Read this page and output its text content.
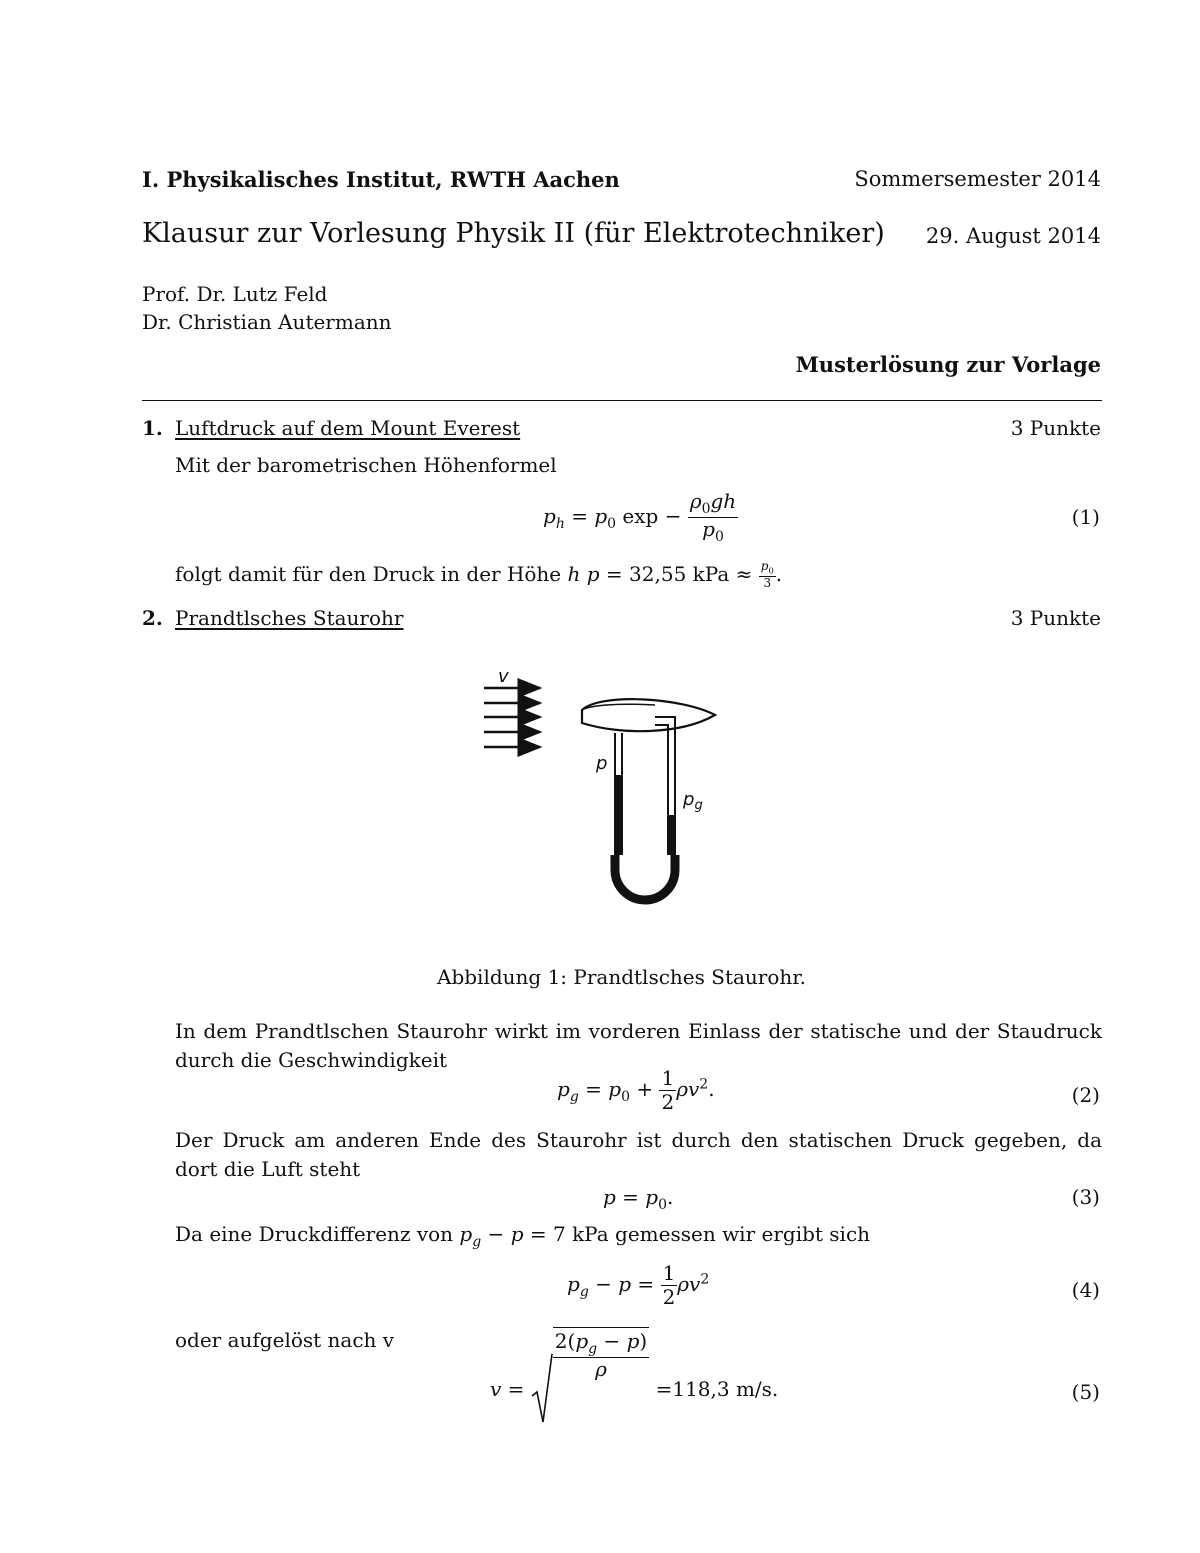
I. Physikalisches Institut, RWTH Aachen	Sommersemester 2014
Klausur zur Vorlesung Physik II (für Elektrotechniker) 29. August 2014
Prof. Dr. Lutz Feld
Dr. Christian Autermann
Musterlösung zur Vorlage
1. Luftdruck auf dem Mount Everest	3 Punkte
Mit der barometrischen Höhenformel
$p_h = p_0$ $\exp - \frac{\rho_0gh}{p_0}$	(1)
folgt damit für den Druck in der Höhe h p = 32,55 kPa ≈ $\frac{p_0}{3}$ .
2. Prandtlsches Staurohr	3 Punkte
v
p
$p_g$
Abbildung 1: Prandtlsches Staurohr.
In dem Prandtlschen Staurohr wirkt im vorderen Einlass der statische und der Staudruck durch die Geschwindigkeit
$p_g = p_0 + \frac{1}{2} \rho v^2$.	(2)
Der Druck am anderen Ende des Staurohr ist durch den statischen Druck gegeben, da dort die Luft steht
$p = p_0$.	(3)
Da eine Druckdifferenz von $p_g - p = 7$ kPa gemessen wir ergibt sich
$p_g - p = \frac{1}{2} \rho v^2$	(4)
oder aufgelöst nach v
v =
$\frac{2(p_g - p)}{\rho}$
= 118,3 m/s.	(5)
